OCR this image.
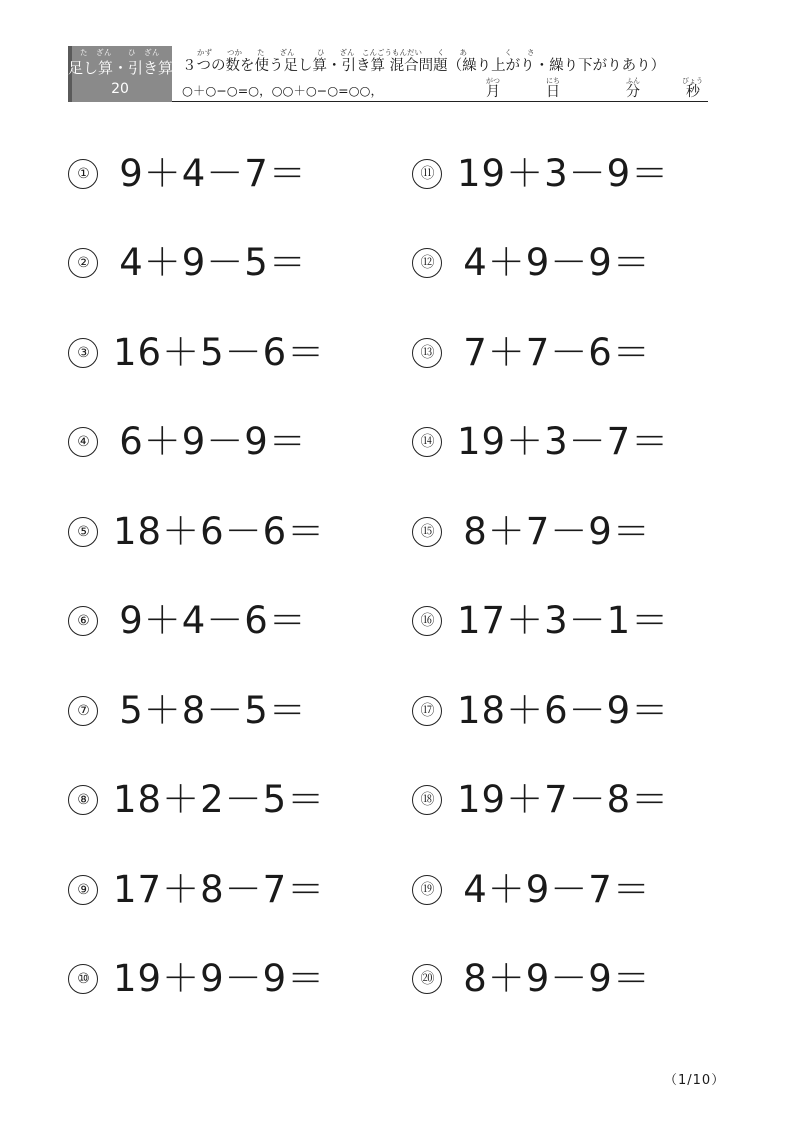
た　ざん　　ひ　ざん
足し算・引き算
20
　　かず　　つか　　た　　ざん　　　ひ　　ざん　こんごうもんだい　　く　　あ　　　　　く　　さ
３つの数を使う足し算・引き算 混合問題（繰り上がり・繰り下がりあり）
○＋○−○=○，○○＋○−○=○○，
がつ
月
にち
日
ふん
分
びょう
秒
① 9＋4－7＝
② 4＋9－5＝
③ 16＋5－6＝
④ 6＋9－9＝
⑤ 18＋6－6＝
⑥ 9＋4－6＝
⑦ 5＋8－5＝
⑧ 18＋2－5＝
⑨ 17＋8－7＝
⑩ 19＋9－9＝
⑪ 19＋3－9＝
⑫ 4＋9－9＝
⑬ 7＋7－6＝
⑭ 19＋3－7＝
⑮ 8＋7－9＝
⑯ 17＋3－1＝
⑰ 18＋6－9＝
⑱ 19＋7－8＝
⑲ 4＋9－7＝
⑳ 8＋9－9＝
（1/10）
